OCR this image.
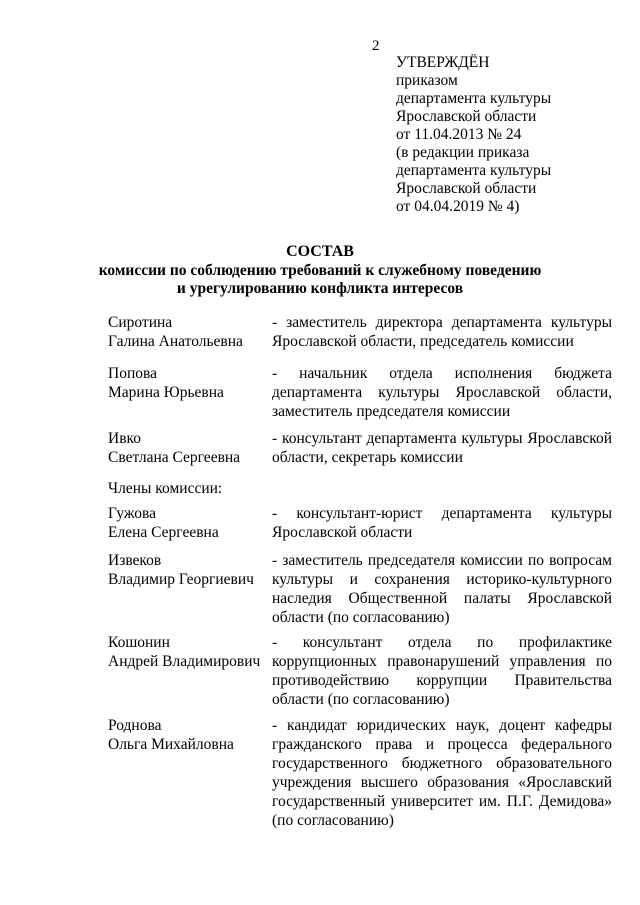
2
УТВЕРЖДЁН
приказом
департамента культуры
Ярославской области
от 11.04.2013 № 24
(в редакции приказа
департамента культуры
Ярославской области
от 04.04.2019 № 4)
СОСТАВ
комиссии по соблюдению требований к служебному поведению
и урегулированию конфликта интересов
Сиротина
Галина Анатольевна
- заместитель директора департамента культуры Ярославской области, председатель комиссии
Попова
Марина Юрьевна
- начальник отдела исполнения бюджета департамента культуры Ярославской области, заместитель председателя комиссии
Ивко
Светлана Сергеевна
- консультант департамента культуры Ярославской области, секретарь комиссии
Члены комиссии:
Гужова
Елена Сергеевна
- консультант-юрист департамента культуры Ярославской области
Извеков
Владимир Георгиевич
- заместитель председателя комиссии по вопросам культуры и сохранения историко-культурного наследия Общественной палаты Ярославской области (по согласованию)
Кошонин
Андрей Владимирович
- консультант отдела по профилактике коррупционных правонарушений управления по противодействию коррупции Правительства области (по согласованию)
Роднова
Ольга Михайловна
- кандидат юридических наук, доцент кафедры гражданского права и процесса федерального государственного бюджетного образовательного учреждения высшего образования «Ярославский государственный университет им. П.Г. Демидова» (по согласованию)
